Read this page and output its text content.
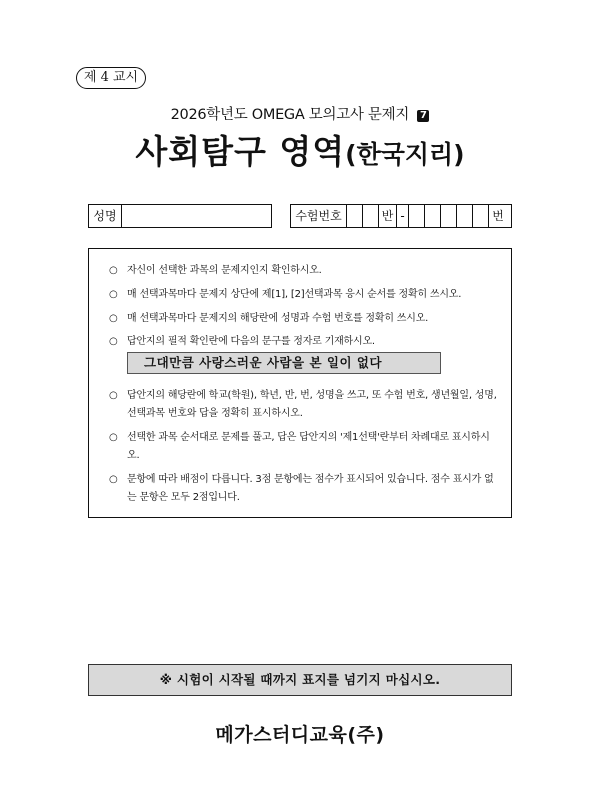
제 4 교시
2026학년도 OMEGA 모의고사 문제지 7
사회탐구 영역(한국지리)
성명	수험번호	반 -	번
○ 자신이 선택한 과목의 문제지인지 확인하시오.
○ 매 선택과목마다 문제지 상단에 제[1], [2]선택과목 응시 순서를 정확히 쓰시오.
○ 매 선택과목마다 문제지의 해당란에 성명과 수험 번호를 정확히 쓰시오.
○ 답안지의 필적 확인란에 다음의 문구를 정자로 기재하시오.
그대만큼 사랑스러운 사람을 본 일이 없다
○ 답안지의 해당란에 학교(학원), 학년, 반, 번, 성명을 쓰고, 또 수험 번호, 생년월일, 성명, 선택과목 번호와 답을 정확히 표시하시오.
○ 선택한 과목 순서대로 문제를 풀고, 답은 답안지의 '제1선택'란부터 차례대로 표시하시오.
○ 문항에 따라 배점이 다릅니다. 3점 문항에는 점수가 표시되어 있습니다. 점수 표시가 없는 문항은 모두 2점입니다.
※ 시험이 시작될 때까지 표지를 넘기지 마십시오.
메가스터디교육(주)
